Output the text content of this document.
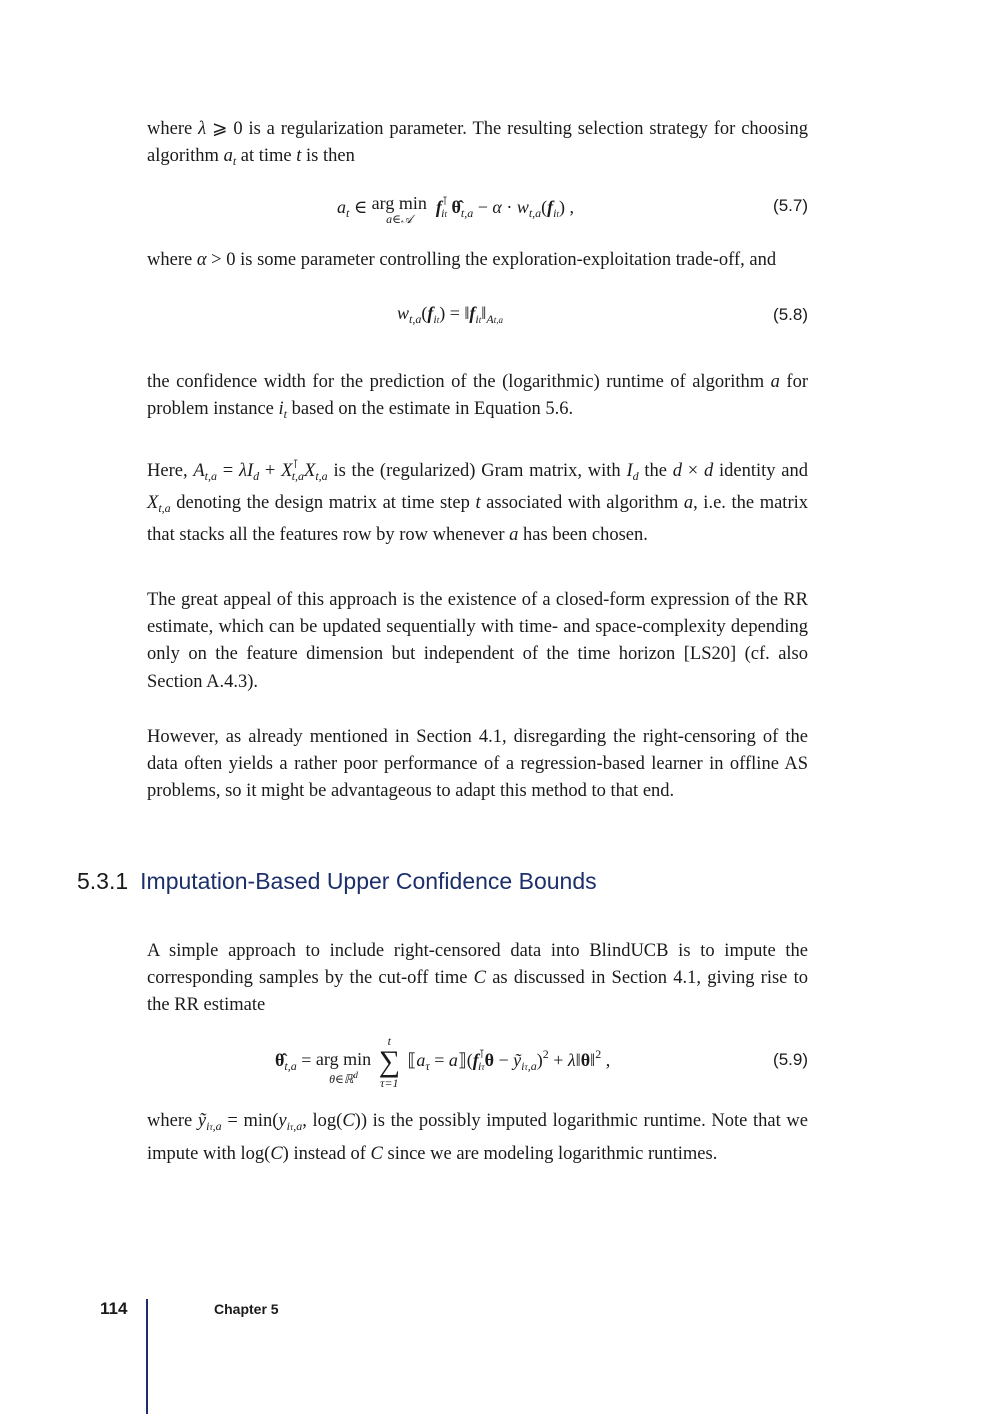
where λ ⩾ 0 is a regularization parameter. The resulting selection strategy for choosing algorithm $a_t$ at time t is then

$a_t$ ∈ arg min
a∈𝒜
$f^⊺_{it}$ $\thetâ_{t,a} - \alpha \cdot w_{t,a}(f_{it})$ ,	(5.7)

where α > 0 is some parameter controlling the exploration-exploitation trade-off, and

$w_{t,a}(f_{it})$ = $‖f_{it}‖_{At,a}$	(5.8)

the confidence width for the prediction of the (logarithmic) runtime of algorithm a for problem instance $i_t$ based on the estimate in Equation 5.6.

Here, $A_{t,a} = \lambda I_d + X^⊺_{t,a}X_{t,a}$ is the (regularized) Gram matrix, with $I_d$ the d × d identity and $X_{t,a}$ denoting the design matrix at time step t associated with algorithm a, i.e. the matrix that stacks all the features row by row whenever a has been chosen.

The great appeal of this approach is the existence of a closed-form expression of the RR estimate, which can be updated sequentially with time- and space-complexity depending only on the feature dimension but independent of the time horizon [LS20] (cf. also Section A.4.3).

However, as already mentioned in Section 4.1, disregarding the right-censoring of the data often yields a rather poor performance of a regression-based learner in offline AS problems, so it might be advantageous to adapt this method to that end.

5.3.1 Imputation-Based Upper Confidence Bounds

A simple approach to include right-censored data into BlindUCB is to impute the corresponding samples by the cut-off time C as discussed in Section 4.1, giving rise to the RR estimate

$\thetâ_{t,a}$ = arg min
θ∈ℝ$^d$

t
∑
τ=1
$⟦a_\tau$ = $a⟧(f^⊺_{i\tau}\theta$ − ỹ$_{i\tau,a}$)$^2$ + λ‖θ‖$^2$ ,	(5.9)

where ỹ$_{i\tau,a}$ = $\min(y_{i\tau,a}$, log(C)) is the possibly imputed logarithmic runtime. Note that we impute with log(C) instead of C since we are modeling logarithmic runtimes.

114	Chapter 5
